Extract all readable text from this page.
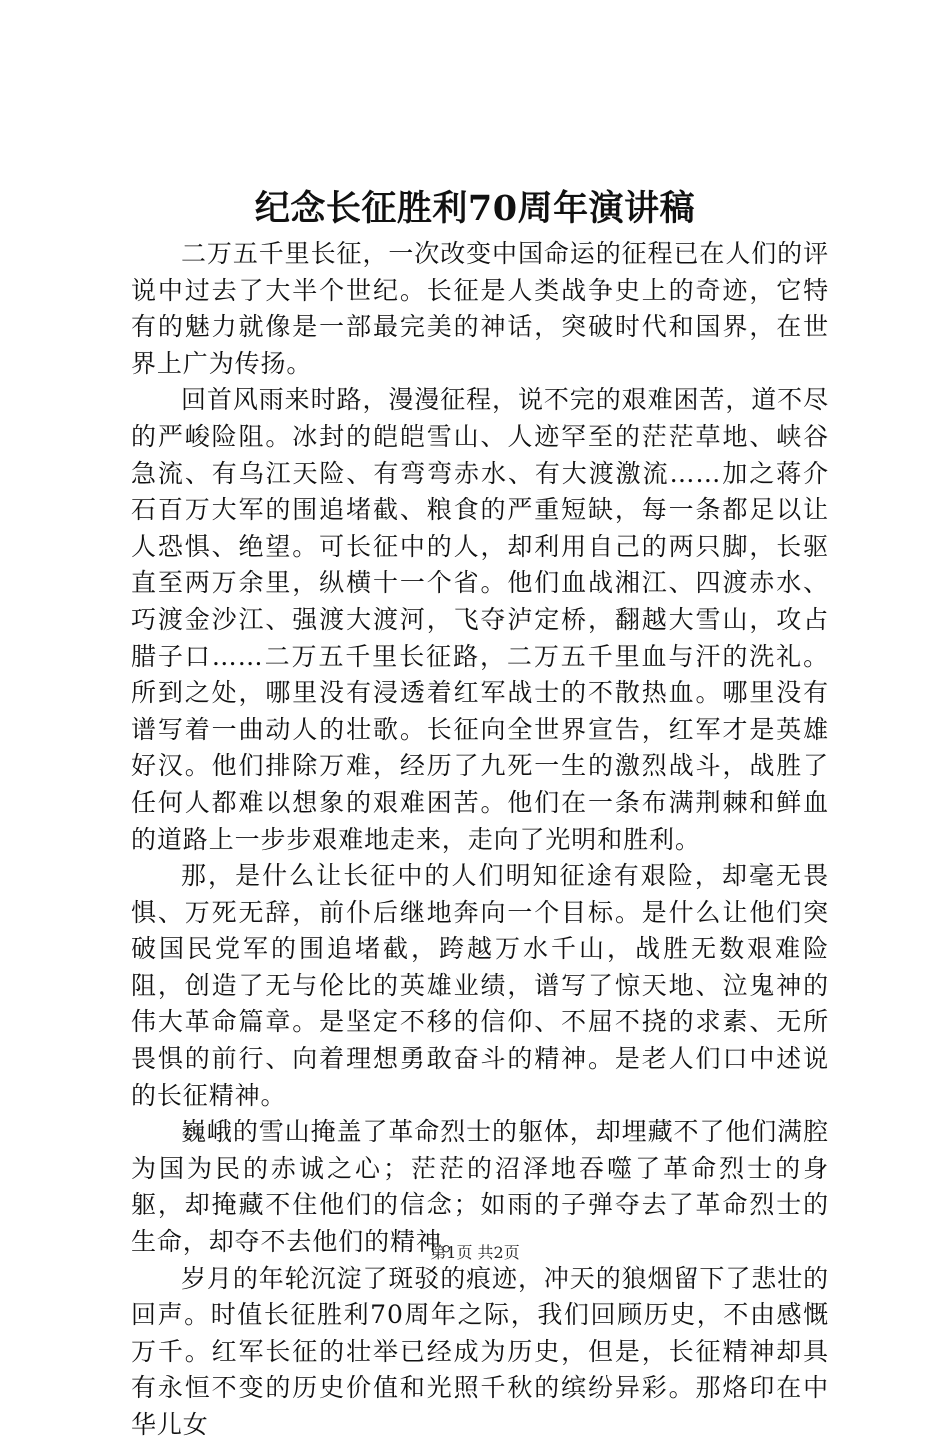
纪念长征胜利70周年演讲稿

二万五千里长征，一次改变中国命运的征程已在人们的评说中过去了大半个世纪。长征是人类战争史上的奇迹，它特有的魅力就像是一部最完美的神话，突破时代和国界，在世界上广为传扬。

回首风雨来时路，漫漫征程，说不完的艰难困苦，道不尽的严峻险阻。冰封的皑皑雪山、人迹罕至的茫茫草地、峡谷急流、有乌江天险、有弯弯赤水、有大渡激流……加之蒋介石百万大军的围追堵截、粮食的严重短缺，每一条都足以让人恐惧、绝望。可长征中的人，却利用自己的两只脚，长驱直至两万余里，纵横十一个省。他们血战湘江、四渡赤水、巧渡金沙江、强渡大渡河，飞夺泸定桥，翻越大雪山，攻占腊子口……二万五千里长征路，二万五千里血与汗的洗礼。所到之处，哪里没有浸透着红军战士的不散热血。哪里没有谱写着一曲动人的壮歌。长征向全世界宣告，红军才是英雄好汉。他们排除万难，经历了九死一生的激烈战斗，战胜了任何人都难以想象的艰难困苦。他们在一条布满荆棘和鲜血的道路上一步步艰难地走来，走向了光明和胜利。

那，是什么让长征中的人们明知征途有艰险，却毫无畏惧、万死无辞，前仆后继地奔向一个目标。是什么让他们突破国民党军的围追堵截，跨越万水千山，战胜无数艰难险阻，创造了无与伦比的英雄业绩，谱写了惊天地、泣鬼神的伟大革命篇章。是坚定不移的信仰、不屈不挠的求素、无所畏惧的前行、向着理想勇敢奋斗的精神。是老人们口中述说的长征精神。

巍峨的雪山掩盖了革命烈士的躯体，却埋藏不了他们满腔为国为民的赤诚之心；茫茫的沼泽地吞噬了革命烈士的身躯，却掩藏不住他们的信念；如雨的子弹夺去了革命烈士的生命，却夺不去他们的精神。

岁月的年轮沉淀了斑驳的痕迹，冲天的狼烟留下了悲壮的回声。时值长征胜利70周年之际，我们回顾历史，不由感慨万千。红军长征的壮举已经成为历史，但是，长征精神却具有永恒不变的历史价值和光照千秋的缤纷异彩。那烙印在中华儿女

第1页 共2页
